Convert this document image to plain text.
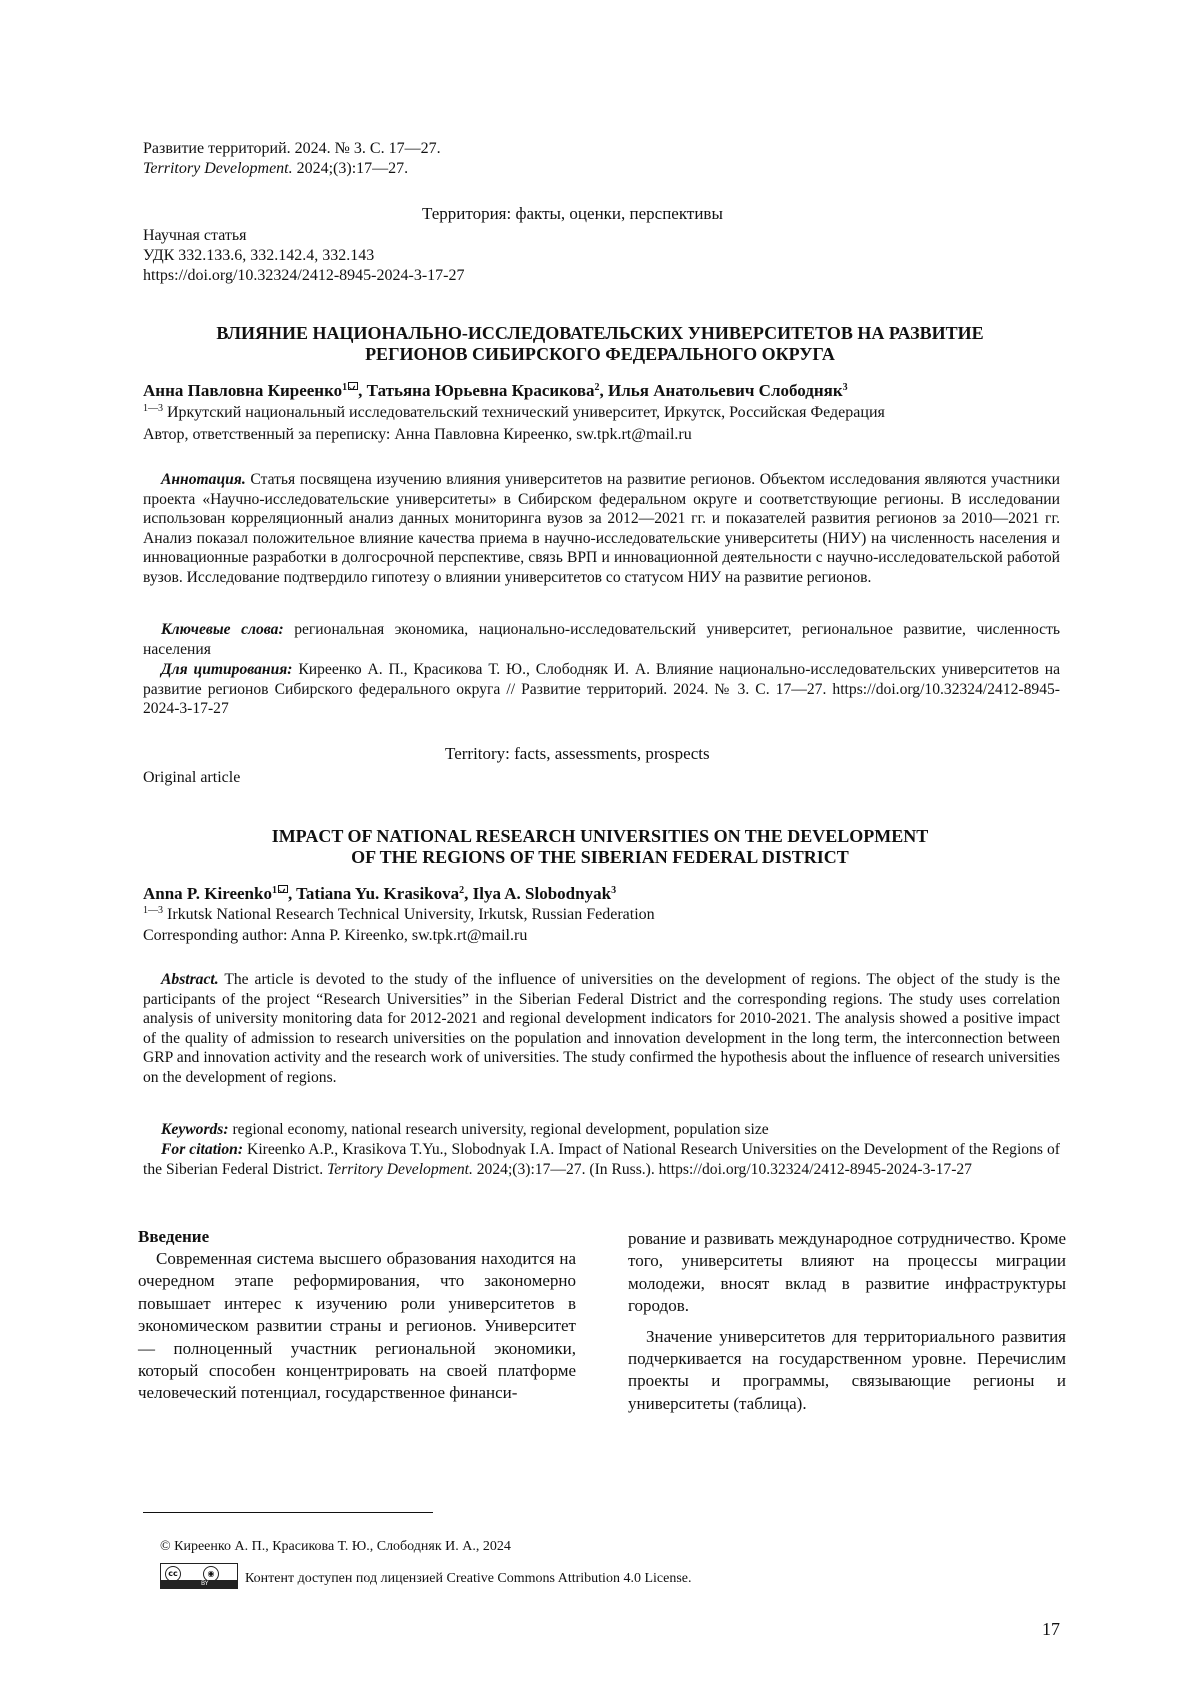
Развитие территорий. 2024. № 3. С. 17—27.
Territory Development. 2024;(3):17—27.
Территория: факты, оценки, перспективы
Научная статья
УДК 332.133.6, 332.142.4, 332.143
https://doi.org/10.32324/2412-8945-2024-3-17-27
ВЛИЯНИЕ НАЦИОНАЛЬНО-ИССЛЕДОВАТЕЛЬСКИХ УНИВЕРСИТЕТОВ НА РАЗВИТИЕ
РЕГИОНОВ СИБИРСКОГО ФЕДЕРАЛЬНОГО ОКРУГА
Анна Павловна Киреенко$^1$ , Татьяна Юрьевна Красикова$^2$, Илья Анатольевич Слободняк$^3$
$^{1—3}$ Иркутский национальный исследовательский технический университет, Иркутск, Российская Федерация
Автор, ответственный за переписку: Анна Павловна Киреенко, sw.tpk.rt@mail.ru
Аннотация. Статья посвящена изучению влияния университетов на развитие регионов. Объектом исследования являются участники проекта «Научно-исследовательские университеты» в Сибирском федеральном округе и соответствующие регионы. В исследовании использован корреляционный анализ данных мониторинга вузов за 2012—2021 гг. и показателей развития регионов за 2010—2021 гг. Анализ показал положительное влияние качества приема в научно-исследовательские университеты (НИУ) на численность населения и инновационные разработки в долгосрочной перспективе, связь ВРП и инновационной деятельности с научно-исследовательской работой вузов. Исследование подтвердило гипотезу о влиянии университетов со статусом НИУ на развитие регионов.
Ключевые слова: региональная экономика, национально-исследовательский университет, региональное развитие, численность населения
Для цитирования: Киреенко А. П., Красикова Т. Ю., Слободняк И. А. Влияние национально-исследовательских университетов на развитие регионов Сибирского федерального округа // Развитие территорий. 2024. № 3. С. 17—27. https://doi.org/10.32324/2412-8945-2024-3-17-27
Territory: facts, assessments, prospects
Original article
IMPACT OF NATIONAL RESEARCH UNIVERSITIES ON THE DEVELOPMENT
OF THE REGIONS OF THE SIBERIAN FEDERAL DISTRICT
Anna P. Kireenko$^1$ , Tatiana Yu. Krasikova$^2$, Ilya A. Slobodnyak$^3$
$^{1—3}$ Irkutsk National Research Technical University, Irkutsk, Russian Federation
Corresponding author: Anna P. Kireenko, sw.tpk.rt@mail.ru
Abstract. The article is devoted to the study of the influence of universities on the development of regions. The object of the study is the participants of the project “Research Universities” in the Siberian Federal District and the corresponding regions. The study uses correlation analysis of university monitoring data for 2012-2021 and regional development indicators for 2010-2021. The analysis showed a positive impact of the quality of admission to research universities on the population and innovation development in the long term, the interconnection between GRP and innovation activity and the research work of universities. The study confirmed the hypothesis about the influence of research universities on the development of regions.
Keywords: regional economy, national research university, regional development, population size
For citation: Kireenko A.P., Krasikova T.Yu., Slobodnyak I.A. Impact of National Research Universities on the Development of the Regions of the Siberian Federal District. Territory Development. 2024;(3):17—27. (In Russ.). https://doi.org/10.32324/2412-8945-2024-3-17-27
Введение

Современная система высшего образования находится на очередном этапе реформирования, что закономерно повышает интерес к изучению роли университетов в экономическом развитии страны и регионов. Университет — полноценный участник региональной экономики, который способен концентрировать на своей платформе человеческий потенциал, государственное финанси-

рование и развивать международное сотрудничество. Кроме того, университеты влияют на процессы миграции молодежи, вносят вклад в развитие инфраструктуры городов.

Значение университетов для территориального развития подчеркивается на государственном уровне. Перечислим проекты и программы, связывающие регионы и университеты (таблица).

© Киреенко А. П., Красикова Т. Ю., Слободняк И. А., 2024
cc	◉
BY	Контент доступен под лицензией Creative Commons Attribution 4.0 License.
17
